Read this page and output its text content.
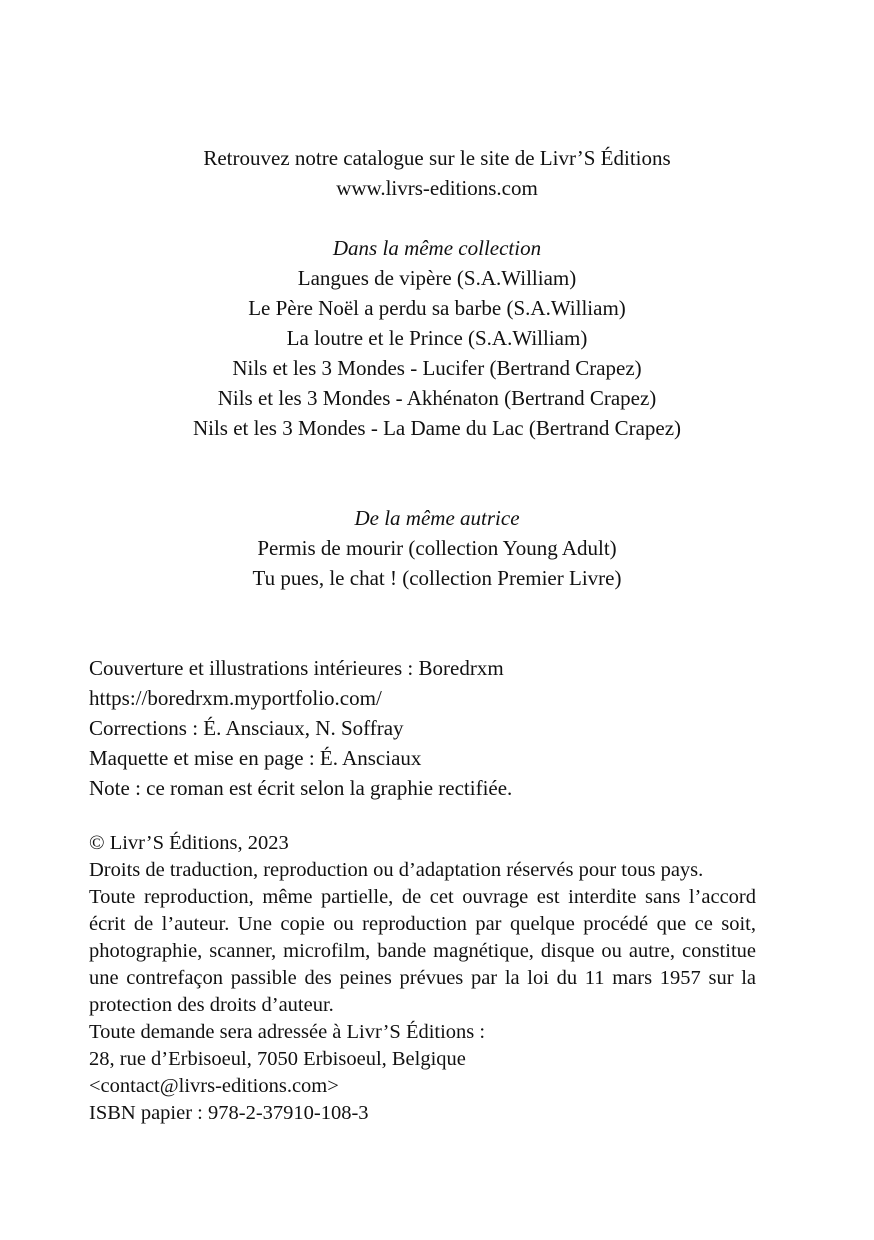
Retrouvez notre catalogue sur le site de Livr’S Éditions
www.livrs-editions.com
Dans la même collection
Langues de vipère (S.A.William)
Le Père Noël a perdu sa barbe (S.A.William)
La loutre et le Prince (S.A.William)
Nils et les 3 Mondes - Lucifer (Bertrand Crapez)
Nils et les 3 Mondes - Akhénaton (Bertrand Crapez)
Nils et les 3 Mondes - La Dame du Lac (Bertrand Crapez)
De la même autrice
Permis de mourir (collection Young Adult)
Tu pues, le chat ! (collection Premier Livre)
Couverture et illustrations intérieures : Boredrxm
https://boredrxm.myportfolio.com/
Corrections : É. Ansciaux, N. Soffray
Maquette et mise en page : É. Ansciaux
Note : ce roman est écrit selon la graphie rectifiée.
© Livr’S Éditions, 2023
Droits de traduction, reproduction ou d’adaptation réservés pour tous pays.
Toute reproduction, même partielle, de cet ouvrage est interdite sans l’accord écrit de l’auteur. Une copie ou reproduction par quelque procédé que ce soit, photographie, scanner, microfilm, bande magnétique, disque ou autre, constitue une contrefaçon passible des peines prévues par la loi du 11 mars 1957 sur la protection des droits d’auteur.
Toute demande sera adressée à Livr’S Éditions :
28, rue d’Erbisoeul, 7050 Erbisoeul, Belgique
<contact@livrs-editions.com>
ISBN papier : 978-2-37910-108-3
